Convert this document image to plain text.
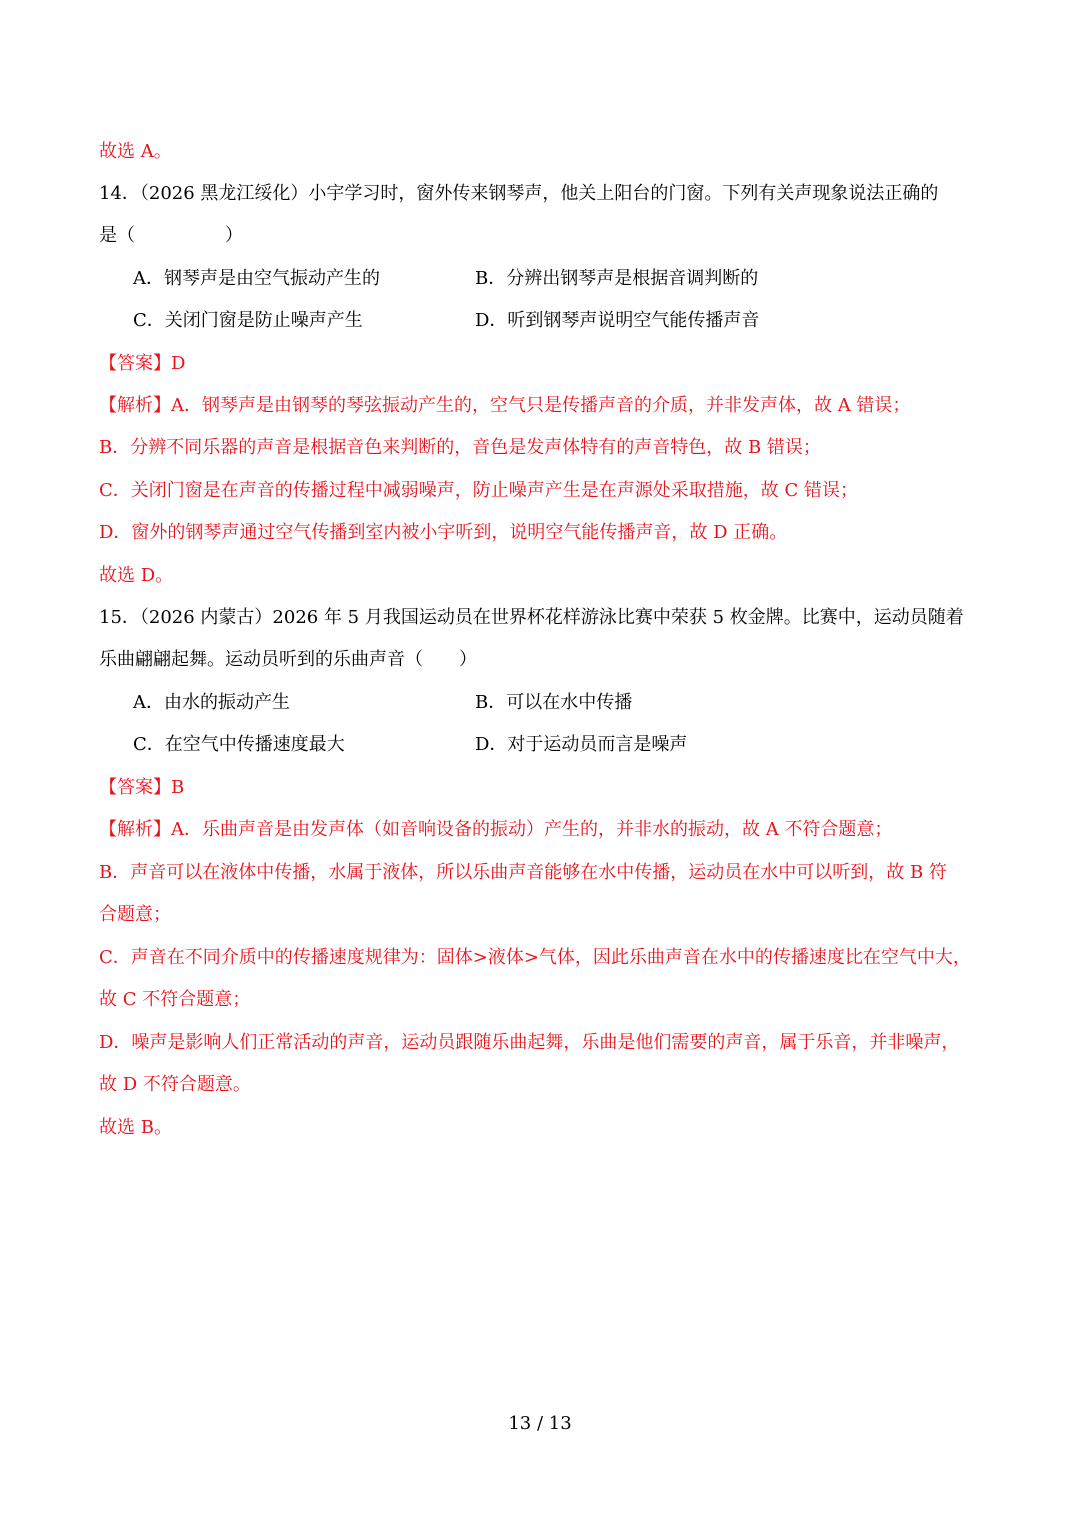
故选 A。
14．（2026 黑龙江绥化）小宇学习时，窗外传来钢琴声，他关上阳台的门窗。下列有关声现象说法正确的
是（　　　　　）
A．钢琴声是由空气振动产生的	B．分辨出钢琴声是根据音调判断的
C．关闭门窗是防止噪声产生	D．听到钢琴声说明空气能传播声音
【答案】D
【解析】A．钢琴声是由钢琴的琴弦振动产生的，空气只是传播声音的介质，并非发声体，故 A 错误；
B．分辨不同乐器的声音是根据音色来判断的，音色是发声体特有的声音特色，故 B 错误；
C．关闭门窗是在声音的传播过程中减弱噪声，防止噪声产生是在声源处采取措施，故 C 错误；
D．窗外的钢琴声通过空气传播到室内被小宇听到，说明空气能传播声音，故 D 正确。
故选 D。
15．（2026 内蒙古）2026 年 5 月我国运动员在世界杯花样游泳比赛中荣获 5 枚金牌。比赛中，运动员随着
乐曲翩翩起舞。运动员听到的乐曲声音（　　）
A．由水的振动产生	B．可以在水中传播
C．在空气中传播速度最大	D．对于运动员而言是噪声
【答案】B
【解析】A．乐曲声音是由发声体（如音响设备的振动）产生的，并非水的振动，故 A 不符合题意；
B．声音可以在液体中传播，水属于液体，所以乐曲声音能够在水中传播，运动员在水中可以听到，故 B 符
合题意；
C．声音在不同介质中的传播速度规律为：固体>液体>气体，因此乐曲声音在水中的传播速度比在空气中大，
故 C 不符合题意；
D．噪声是影响人们正常活动的声音，运动员跟随乐曲起舞，乐曲是他们需要的声音，属于乐音，并非噪声，
故 D 不符合题意。
故选 B。
13 / 13
